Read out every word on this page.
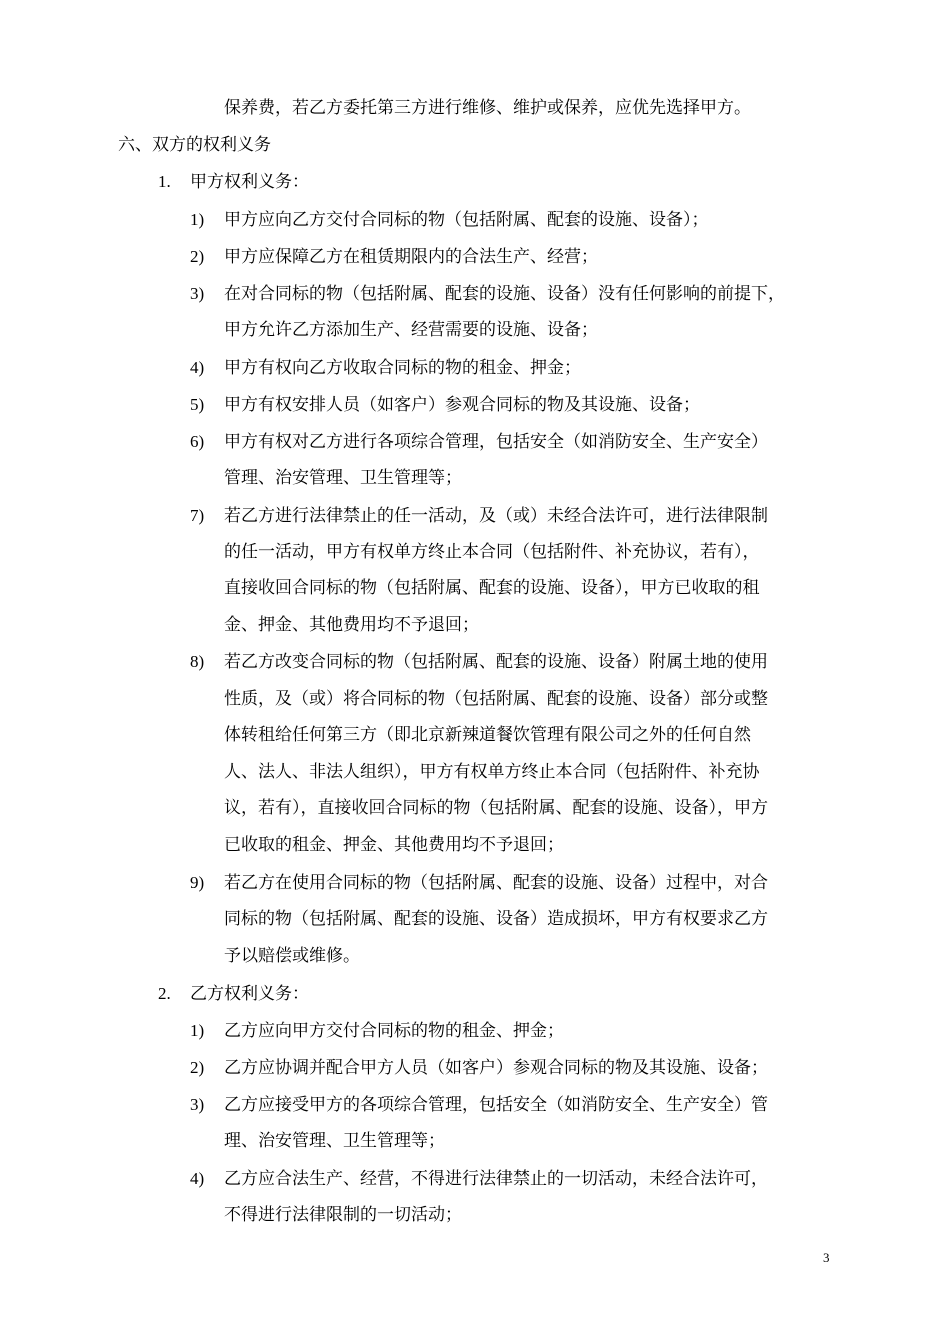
保养费，若乙方委托第三方进行维修、维护或保养，应优先选择甲方。
六、双方的权利义务
1. 甲方权利义务：
1) 甲方应向乙方交付合同标的物（包括附属、配套的设施、设备）；
2) 甲方应保障乙方在租赁期限内的合法生产、经营；
3) 在对合同标的物（包括附属、配套的设施、设备）没有任何影响的前提下，
甲方允许乙方添加生产、经营需要的设施、设备；
4) 甲方有权向乙方收取合同标的物的租金、押金；
5) 甲方有权安排人员（如客户）参观合同标的物及其设施、设备；
6) 甲方有权对乙方进行各项综合管理，包括安全（如消防安全、生产安全）
管理、治安管理、卫生管理等；
7) 若乙方进行法律禁止的任一活动，及（或）未经合法许可，进行法律限制
的任一活动，甲方有权单方终止本合同（包括附件、补充协议，若有），
直接收回合同标的物（包括附属、配套的设施、设备），甲方已收取的租
金、押金、其他费用均不予退回；
8) 若乙方改变合同标的物（包括附属、配套的设施、设备）附属土地的使用
性质，及（或）将合同标的物（包括附属、配套的设施、设备）部分或整
体转租给任何第三方（即北京新辣道餐饮管理有限公司之外的任何自然
人、法人、非法人组织），甲方有权单方终止本合同（包括附件、补充协
议，若有），直接收回合同标的物（包括附属、配套的设施、设备），甲方
已收取的租金、押金、其他费用均不予退回；
9) 若乙方在使用合同标的物（包括附属、配套的设施、设备）过程中，对合
同标的物（包括附属、配套的设施、设备）造成损坏，甲方有权要求乙方
予以赔偿或维修。
2. 乙方权利义务：
1) 乙方应向甲方交付合同标的物的租金、押金；
2) 乙方应协调并配合甲方人员（如客户）参观合同标的物及其设施、设备；
3) 乙方应接受甲方的各项综合管理，包括安全（如消防安全、生产安全）管
理、治安管理、卫生管理等；
4) 乙方应合法生产、经营，不得进行法律禁止的一切活动，未经合法许可，
不得进行法律限制的一切活动；
3
